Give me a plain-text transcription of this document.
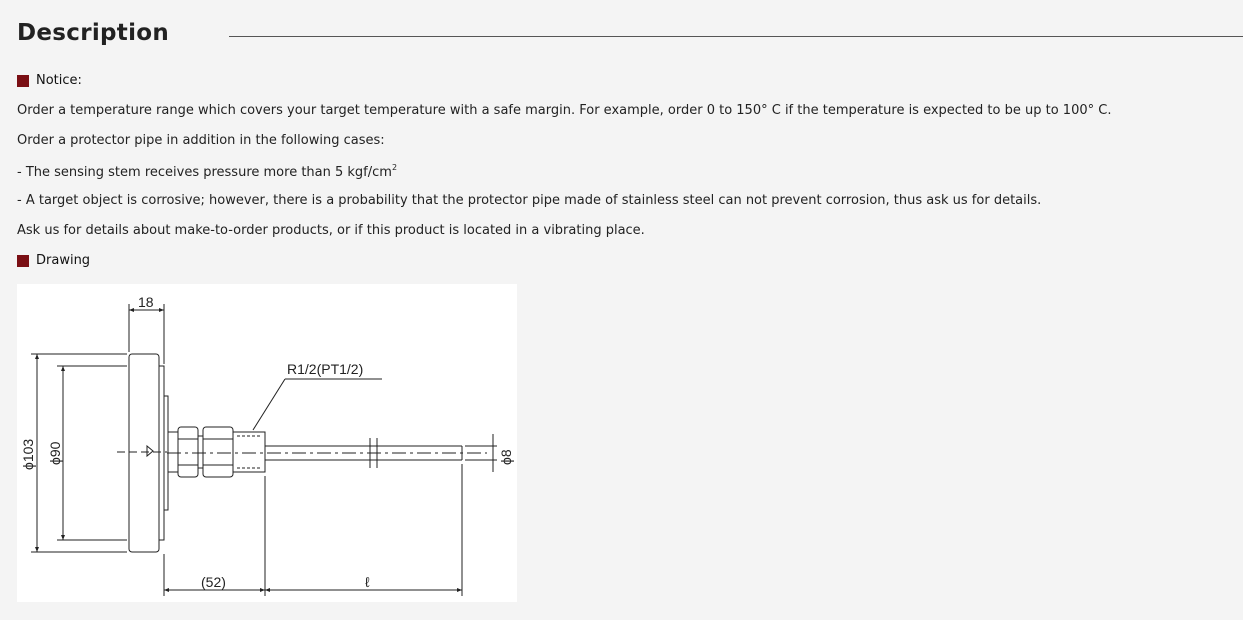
Description
Notice:
Order a temperature range which covers your target temperature with a safe margin. For example, order 0 to 150° C if the temperature is expected to be up to 100° C.
Order a protector pipe in addition in the following cases:
- The sensing stem receives pressure more than 5 kgf/$cm^2$
- A target object is corrosive; however, there is a probability that the protector pipe made of stainless steel can not prevent corrosion, thus ask us for details.
Ask us for details about make-to-order products, or if this product is located in a vibrating place.
Drawing
18
R1/2(PT1/2)
(52)	ℓ
ϕ103 ϕ90	ϕ8
